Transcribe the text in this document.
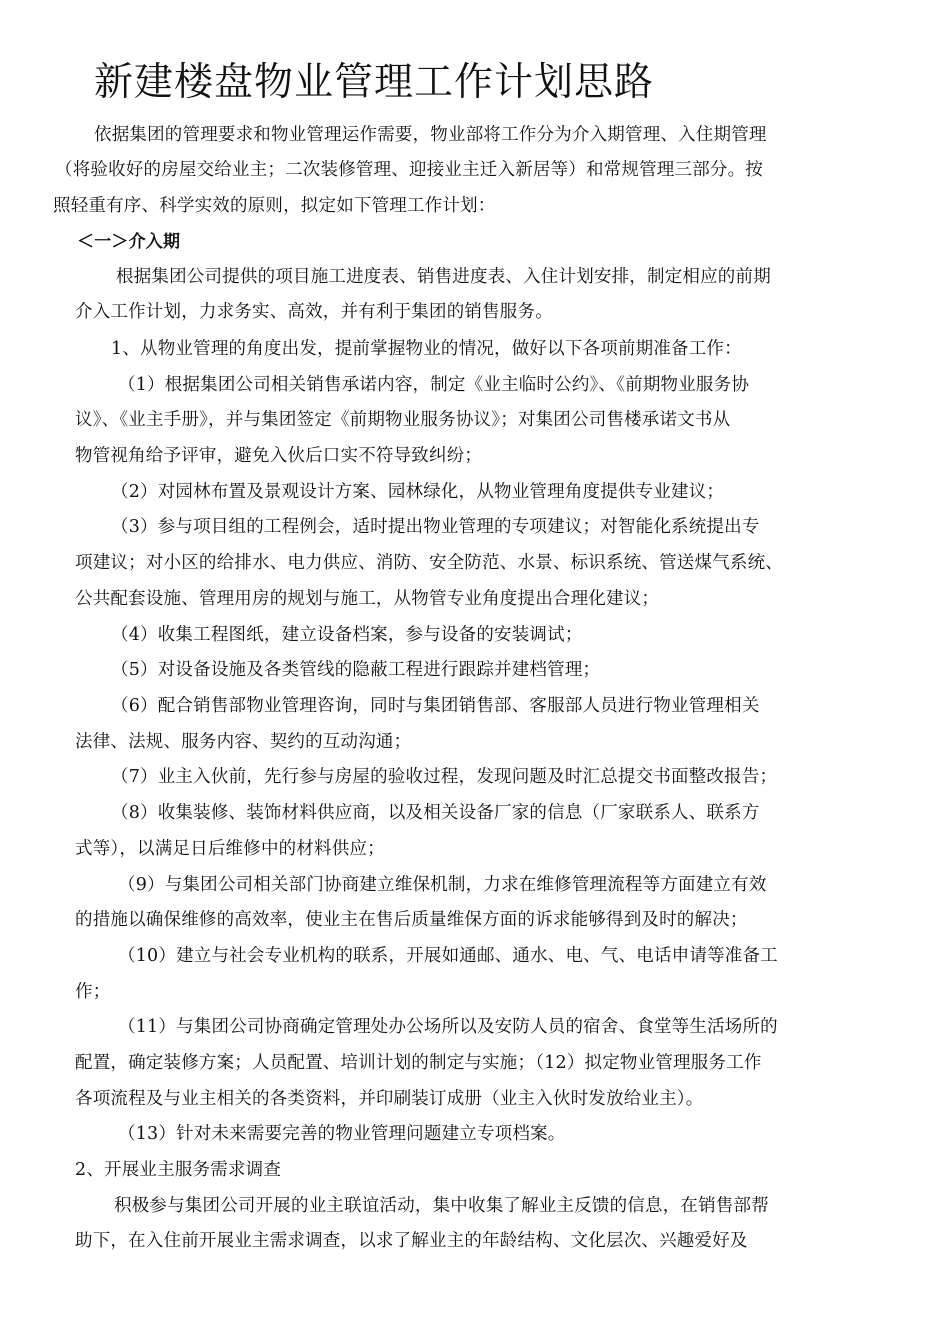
新建楼盘物业管理工作计划思路
依据集团的管理要求和物业管理运作需要，物业部将工作分为介入期管理、入住期管理
（将验收好的房屋交给业主；二次装修管理、迎接业主迁入新居等）和常规管理三部分。按
照轻重有序、科学实效的原则，拟定如下管理工作计划：
＜一＞介入期
根据集团公司提供的项目施工进度表、销售进度表、入住计划安排，制定相应的前期
介入工作计划，力求务实、高效，并有利于集团的销售服务。
1、从物业管理的角度出发，提前掌握物业的情况，做好以下各项前期准备工作：
（1）根据集团公司相关销售承诺内容，制定《业主临时公约》、《前期物业服务协
议》、《业主手册》，并与集团签定《前期物业服务协议》；对集团公司售楼承诺文书从
物管视角给予评审，避免入伙后口实不符导致纠纷；
（2）对园林布置及景观设计方案、园林绿化，从物业管理角度提供专业建议；
（3）参与项目组的工程例会，适时提出物业管理的专项建议；对智能化系统提出专
项建议；对小区的给排水、电力供应、消防、安全防范、水景、标识系统、管送煤气系统、
公共配套设施、管理用房的规划与施工，从物管专业角度提出合理化建议；
（4）收集工程图纸，建立设备档案，参与设备的安装调试；
（5）对设备设施及各类管线的隐蔽工程进行跟踪并建档管理；
（6）配合销售部物业管理咨询，同时与集团销售部、客服部人员进行物业管理相关
法律、法规、服务内容、契约的互动沟通；
（7）业主入伙前，先行参与房屋的验收过程，发现问题及时汇总提交书面整改报告；
（8）收集装修、装饰材料供应商，以及相关设备厂家的信息（厂家联系人、联系方
式等），以满足日后维修中的材料供应；
（9）与集团公司相关部门协商建立维保机制，力求在维修管理流程等方面建立有效
的措施以确保维修的高效率，使业主在售后质量维保方面的诉求能够得到及时的解决；
（10）建立与社会专业机构的联系，开展如通邮、通水、电、气、电话申请等准备工
作；
（11）与集团公司协商确定管理处办公场所以及安防人员的宿舍、食堂等生活场所的
配置，确定装修方案；人员配置、培训计划的制定与实施；（12）拟定物业管理服务工作
各项流程及与业主相关的各类资料，并印刷装订成册（业主入伙时发放给业主）。
（13）针对未来需要完善的物业管理问题建立专项档案。
2、开展业主服务需求调查
积极参与集团公司开展的业主联谊活动，集中收集了解业主反馈的信息，在销售部帮
助下，在入住前开展业主需求调查，以求了解业主的年龄结构、文化层次、兴趣爱好及
